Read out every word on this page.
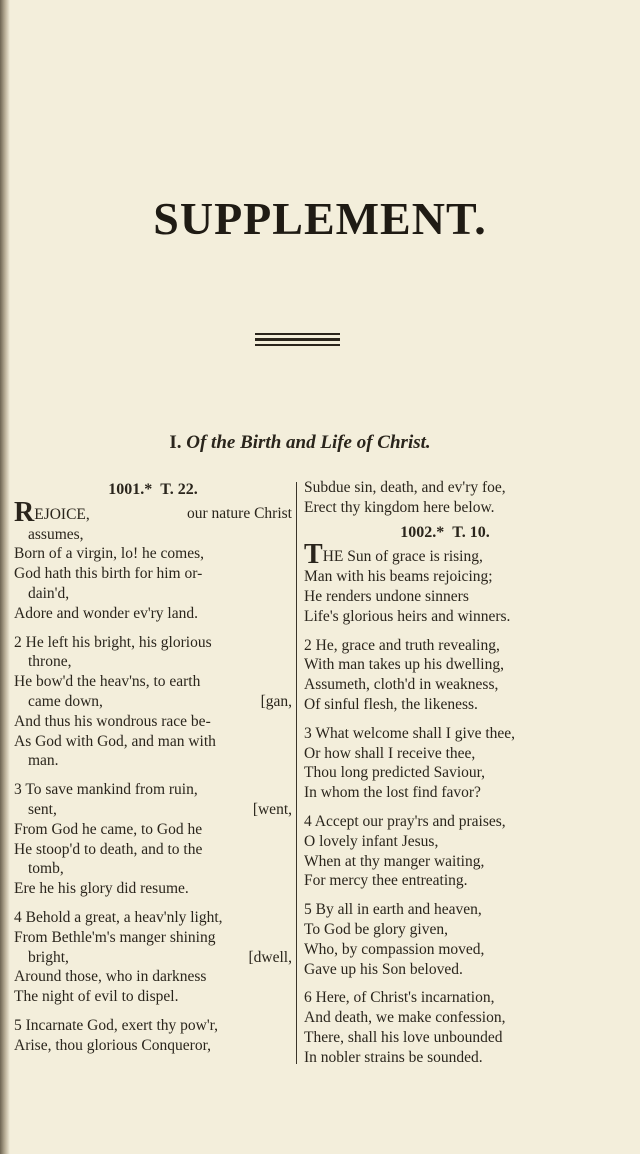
SUPPLEMENT.
I. Of the Birth and Life of Christ.
1001.* T. 22.
REJOICE,	our nature Christ
assumes,
Born of a virgin, lo! he comes,
God hath this birth for him or-
dain'd,
Adore and wonder ev'ry land.
2 He left his bright, his glorious
throne,
He bow'd the heav'ns, to earth
came down,	[gan,
And thus his wondrous race be-
As God with God, and man with
man.
3 To save mankind from ruin,
sent,	[went,
From God he came, to God he
He stoop'd to death, and to the
tomb,
Ere he his glory did resume.
4 Behold a great, a heav'nly light,
From Bethle'm's manger shining
bright,	[dwell,
Around those, who in darkness
The night of evil to dispel.
5 Incarnate God, exert thy pow'r,
Arise, thou glorious Conqueror,
Subdue sin, death, and ev'ry foe,
Erect thy kingdom here below.
1002.* T. 10.
THE Sun of grace is rising,
Man with his beams rejoicing;
He renders undone sinners
Life's glorious heirs and winners.
2 He, grace and truth revealing,
With man takes up his dwelling,
Assumeth, cloth'd in weakness,
Of sinful flesh, the likeness.
3 What welcome shall I give thee,
Or how shall I receive thee,
Thou long predicted Saviour,
In whom the lost find favor?
4 Accept our pray'rs and praises,
O lovely infant Jesus,
When at thy manger waiting,
For mercy thee entreating.
5 By all in earth and heaven,
To God be glory given,
Who, by compassion moved,
Gave up his Son beloved.
6 Here, of Christ's incarnation,
And death, we make confession,
There, shall his love unbounded
In nobler strains be sounded.
